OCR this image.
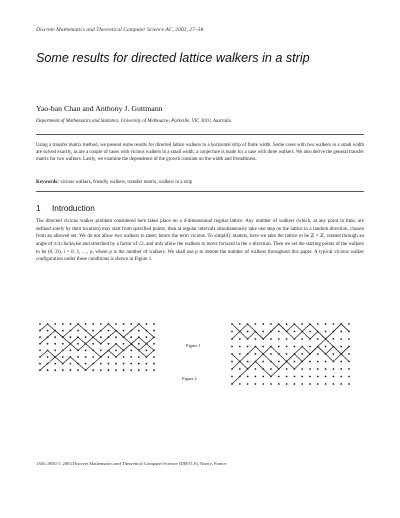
Discrete Mathematics and Theoretical Computer Science AC, 2003, 27–38
Some results for directed lattice walkers in a strip
Yao-ban Chan and Anthony J. Guttmann
Department of Mathematics and Statistics, University of Melbourne, Parkville, VIC 3010, Australia
Using a transfer matrix method, we present some results for directed lattice walkers in a horizontal strip of finite width. Some cases with two walkers in a small width are solved exactly, as are a couple of cases with vicious walkers in a small width; a conjecture is made for a case with three walkers. We also derive the general transfer matrix for two walkers. Lastly, we examine the dependence of the growth constant on the width and friendliness.
Keywords: vicious walkers, friendly walkers, transfer matrix, walkers in a strip
1 Introduction

The directed vicious walker problem considered here takes place on a d-dimensional regular lattice. Any number of walkers (which, at any point in time, are defined solely by their location) may start from specified points, then at regular intervals simultaneously take one step on the lattice in a random direction, chosen from an allowed set. We do not allow two walkers to meet; hence the term vicious. To simplify matters, here we take the lattice to be ℤ × ℤ, rotated through an angle of π/4 clockwise and stretched by a factor of √2, and only allow the walkers to move forward in the x-direction. Then we set the starting points of the walkers to be (0, 2i), i = 0, 1, …, p, where p is the number of walkers. We shall use p to denote the number of walkers throughout this paper. A typical vicious walker configuration under these conditions is shown in Figure 1.

Figure 1
Figure 2
1365–8050 © 2003 Discrete Mathematics and Theoretical Computer Science (DMTCS), Nancy, France
